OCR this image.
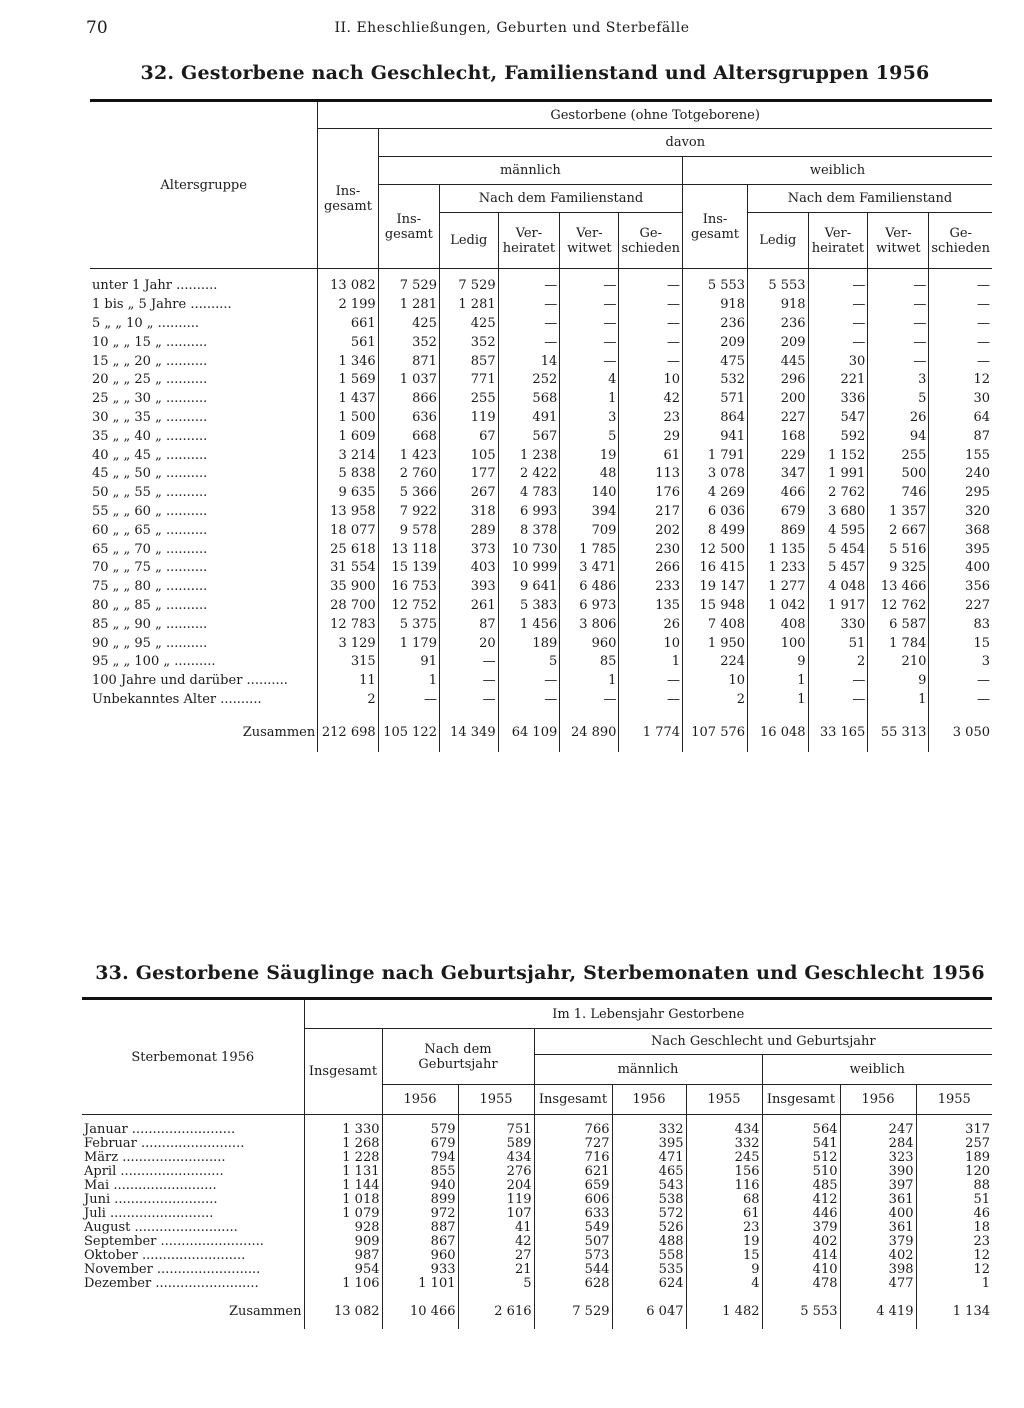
70	II. Eheschließungen, Geburten und Sterbefälle
32. Gestorbene nach Geschlecht, Familienstand und Altersgruppen 1956
Altersgruppe	Gestorbene (ohne Totgeborene)										
	Ins-gesamt	davon									
		männlich					weiblich				
		Ins-gesamt	Nach dem Familienstand				Ins-gesamt	Nach dem Familienstand			
			Ledig	Ver-heiratet	Ver-witwet	Ge-schieden		Ledig	Ver-heiratet	Ver-witwet	Ge-schieden
unter 1 Jahr ..........	13 082	7 529	7 529	—	—	—	5 553	5 553	—	—	—
1 bis „ 5 Jahre ..........	2 199	1 281	1 281	—	—	—	918	918	—	—	—
5 „ „ 10 „ ..........	661	425	425	—	—	—	236	236	—	—	—
10 „ „ 15 „ ..........	561	352	352	—	—	—	209	209	—	—	—
15 „ „ 20 „ ..........	1 346	871	857	14	—	—	475	445	30	—	—
20 „ „ 25 „ ..........	1 569	1 037	771	252	4	10	532	296	221	3	12
25 „ „ 30 „ ..........	1 437	866	255	568	1	42	571	200	336	5	30
30 „ „ 35 „ ..........	1 500	636	119	491	3	23	864	227	547	26	64
35 „ „ 40 „ ..........	1 609	668	67	567	5	29	941	168	592	94	87
40 „ „ 45 „ ..........	3 214	1 423	105	1 238	19	61	1 791	229	1 152	255	155
45 „ „ 50 „ ..........	5 838	2 760	177	2 422	48	113	3 078	347	1 991	500	240
50 „ „ 55 „ ..........	9 635	5 366	267	4 783	140	176	4 269	466	2 762	746	295
55 „ „ 60 „ ..........	13 958	7 922	318	6 993	394	217	6 036	679	3 680	1 357	320
60 „ „ 65 „ ..........	18 077	9 578	289	8 378	709	202	8 499	869	4 595	2 667	368
65 „ „ 70 „ ..........	25 618	13 118	373	10 730	1 785	230	12 500	1 135	5 454	5 516	395
70 „ „ 75 „ ..........	31 554	15 139	403	10 999	3 471	266	16 415	1 233	5 457	9 325	400
75 „ „ 80 „ ..........	35 900	16 753	393	9 641	6 486	233	19 147	1 277	4 048	13 466	356
80 „ „ 85 „ ..........	28 700	12 752	261	5 383	6 973	135	15 948	1 042	1 917	12 762	227
85 „ „ 90 „ ..........	12 783	5 375	87	1 456	3 806	26	7 408	408	330	6 587	83
90 „ „ 95 „ ..........	3 129	1 179	20	189	960	10	1 950	100	51	1 784	15
95 „ „ 100 „ ..........	315	91	—	5	85	1	224	9	2	210	3
100 Jahre und darüber ..........	11	1	—	—	1	—	10	1	—	9	—
Unbekanntes Alter ..........	2	—	—	—	—	—	2	1	—	1	—
Zusammen	212 698	105 122	14 349	64 109	24 890	1 774	107 576	16 048	33 165	55 313	3 050
33. Gestorbene Säuglinge nach Geburtsjahr, Sterbemonaten und Geschlecht 1956
Sterbemonat 1956	Im 1. Lebensjahr Gestorbene								
	Insgesamt	Nach dem Geburtsjahr		Nach Geschlecht und Geburtsjahr					
				männlich			weiblich		
		1956	1955	Insgesamt	1956	1955	Insgesamt	1956	1955
Januar .........................	1 330	579	751	766	332	434	564	247	317
Februar .........................	1 268	679	589	727	395	332	541	284	257
März .........................	1 228	794	434	716	471	245	512	323	189
April .........................	1 131	855	276	621	465	156	510	390	120
Mai .........................	1 144	940	204	659	543	116	485	397	88
Juni .........................	1 018	899	119	606	538	68	412	361	51
Juli .........................	1 079	972	107	633	572	61	446	400	46
August .........................	928	887	41	549	526	23	379	361	18
September .........................	909	867	42	507	488	19	402	379	23
Oktober .........................	987	960	27	573	558	15	414	402	12
November .........................	954	933	21	544	535	9	410	398	12
Dezember .........................	1 106	1 101	5	628	624	4	478	477	1
Zusammen	13 082	10 466	2 616	7 529	6 047	1 482	5 553	4 419	1 134
